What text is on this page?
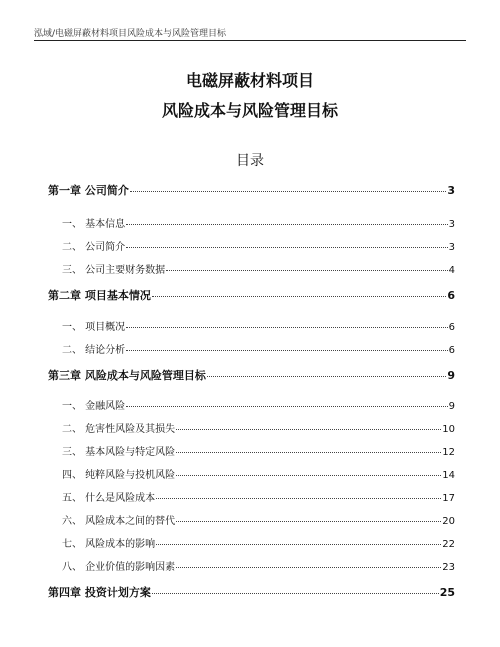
泓域/电磁屏蔽材料项目风险成本与风险管理目标
电磁屏蔽材料项目
风险成本与风险管理目标
目录
第一章 公司简介	3
一、 基本信息	3
二、 公司简介	3
三、 公司主要财务数据	4
第二章 项目基本情况	6
一、 项目概况	6
二、 结论分析	6
第三章 风险成本与风险管理目标	9
一、 金融风险	9
二、 危害性风险及其损失	10
三、 基本风险与特定风险	12
四、 纯粹风险与投机风险	14
五、 什么是风险成本	17
六、 风险成本之间的替代	20
七、 风险成本的影响	22
八、 企业价值的影响因素	23
第四章 投资计划方案	25
